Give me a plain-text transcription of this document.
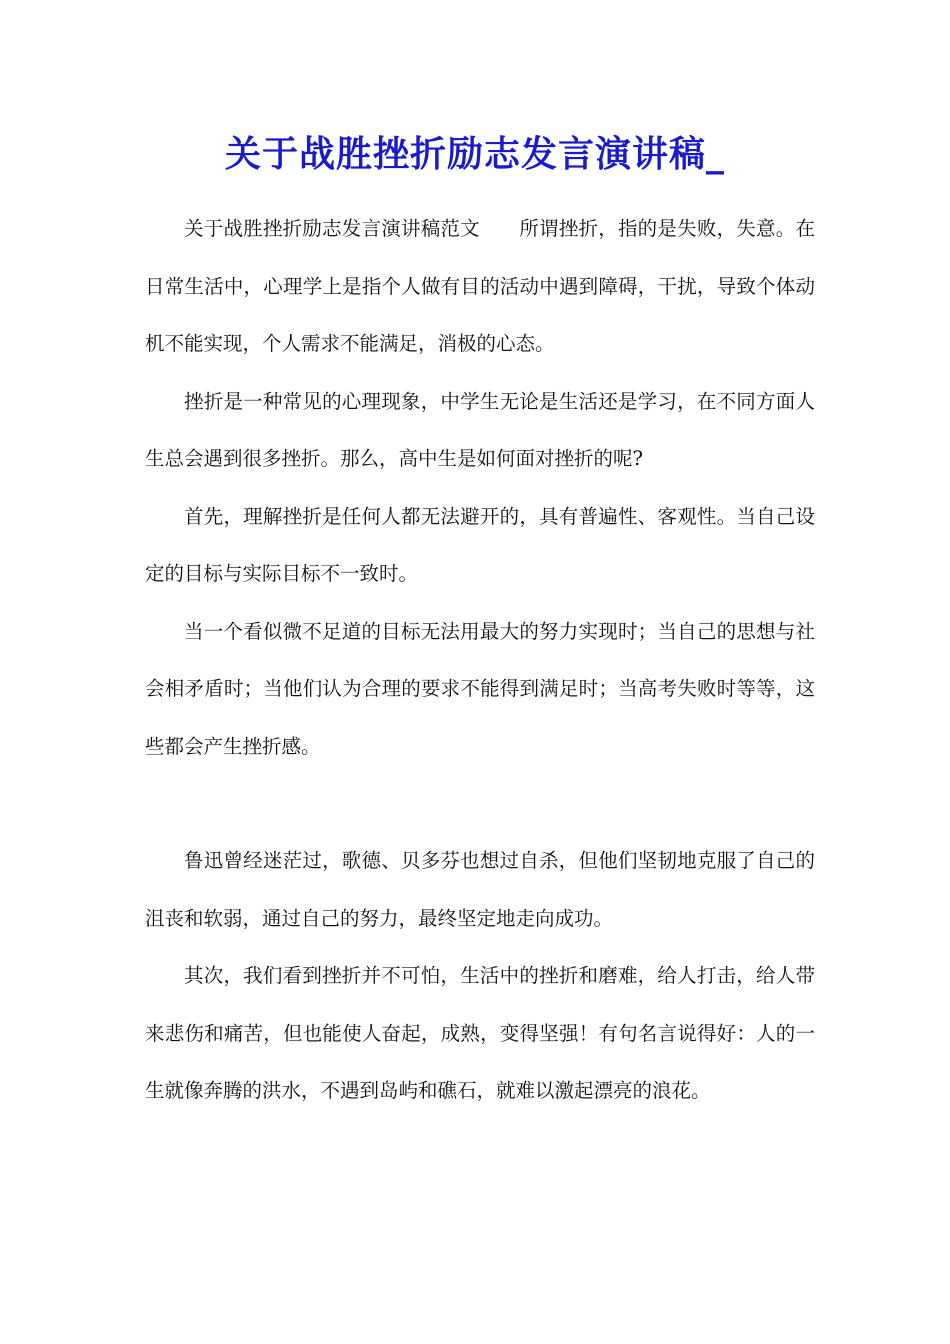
关于战胜挫折励志发言演讲稿_

关于战胜挫折励志发言演讲稿范文　　所谓挫折，指的是失败，失意。在日常生活中，心理学上是指个人做有目的活动中遇到障碍，干扰，导致个体动机不能实现，个人需求不能满足，消极的心态。

挫折是一种常见的心理现象，中学生无论是生活还是学习，在不同方面人生总会遇到很多挫折。那么，高中生是如何面对挫折的呢?

首先，理解挫折是任何人都无法避开的，具有普遍性、客观性。当自己设定的目标与实际目标不一致时。

当一个看似微不足道的目标无法用最大的努力实现时；当自己的思想与社会相矛盾时；当他们认为合理的要求不能得到满足时；当高考失败时等等，这些都会产生挫折感。

鲁迅曾经迷茫过，歌德、贝多芬也想过自杀，但他们坚韧地克服了自己的沮丧和软弱，通过自己的努力，最终坚定地走向成功。

其次，我们看到挫折并不可怕，生活中的挫折和磨难，给人打击，给人带来悲伤和痛苦，但也能使人奋起，成熟，变得坚强！有句名言说得好：人的一生就像奔腾的洪水，不遇到岛屿和礁石，就难以激起漂亮的浪花。
